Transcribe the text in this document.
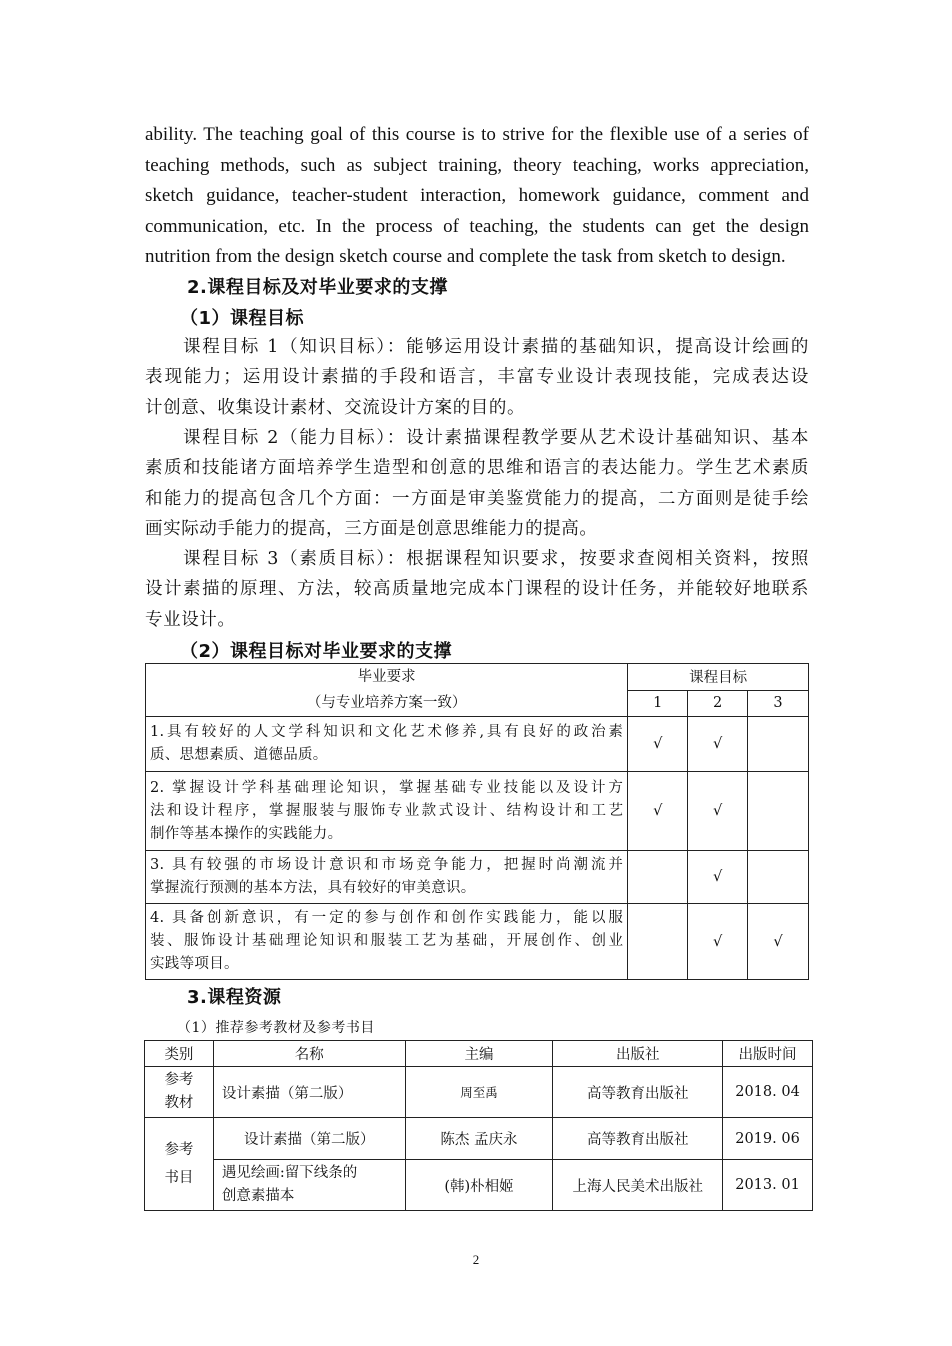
ability. The teaching goal of this course is to strive for the flexible use of a series of
teaching methods, such as subject training, theory teaching, works appreciation,
sketch guidance, teacher-student interaction, homework guidance, comment and
communication, etc. In the process of teaching, the students can get the design
nutrition from the design sketch course and complete the task from sketch to design.
2.课程目标及对毕业要求的支撑
（1）课程目标
课程目标 1（知识目标）：能够运用设计素描的基础知识，提高设计绘画的
表现能力；运用设计素描的手段和语言，丰富专业设计表现技能，完成表达设
计创意、收集设计素材、交流设计方案的目的。
课程目标 2（能力目标）：设计素描课程教学要从艺术设计基础知识、基本
素质和技能诸方面培养学生造型和创意的思维和语言的表达能力。学生艺术素质
和能力的提高包含几个方面：一方面是审美鉴赏能力的提高，二方面则是徒手绘
画实际动手能力的提高，三方面是创意思维能力的提高。
课程目标 3（素质目标）：根据课程知识要求，按要求查阅相关资料，按照
设计素描的原理、方法，较高质量地完成本门课程的设计任务，并能较好地联系
专业设计。
（2）课程目标对毕业要求的支撑
毕业要求
（与专业培养方案一致）	课程目标		
	1	2	3

1.具有较好的人文学科知识和文化艺术修养,具有良好的政治素
质、思想素质、道德品质。	√	√	

2. 掌握设计学科基础理论知识，掌握基础专业技能以及设计方
法和设计程序，掌握服装与服饰专业款式设计、结构设计和工艺
制作等基本操作的实践能力。	√	√	

3. 具有较强的市场设计意识和市场竞争能力，把握时尚潮流并
掌握流行预测的基本方法，具有较好的审美意识。		√	

4. 具备创新意识，有一定的参与创作和创作实践能力，能以服
装、服饰设计基础理论知识和服装工艺为基础，开展创作、创业
实践等项目。		√	√
3.课程资源
（1）推荐参考教材及参考书目
类别	名称	主编	出版社	出版时间

参考
教材	设计素描（第二版）	周至禹	高等教育出版社	2018. 04

参考
书目	设计素描（第二版）	陈杰 孟庆永	高等教育出版社	2019. 06

	遇见绘画:留下线条的
创意素描本	(韩)朴相姬	上海人民美术出版社	2013. 01
2
